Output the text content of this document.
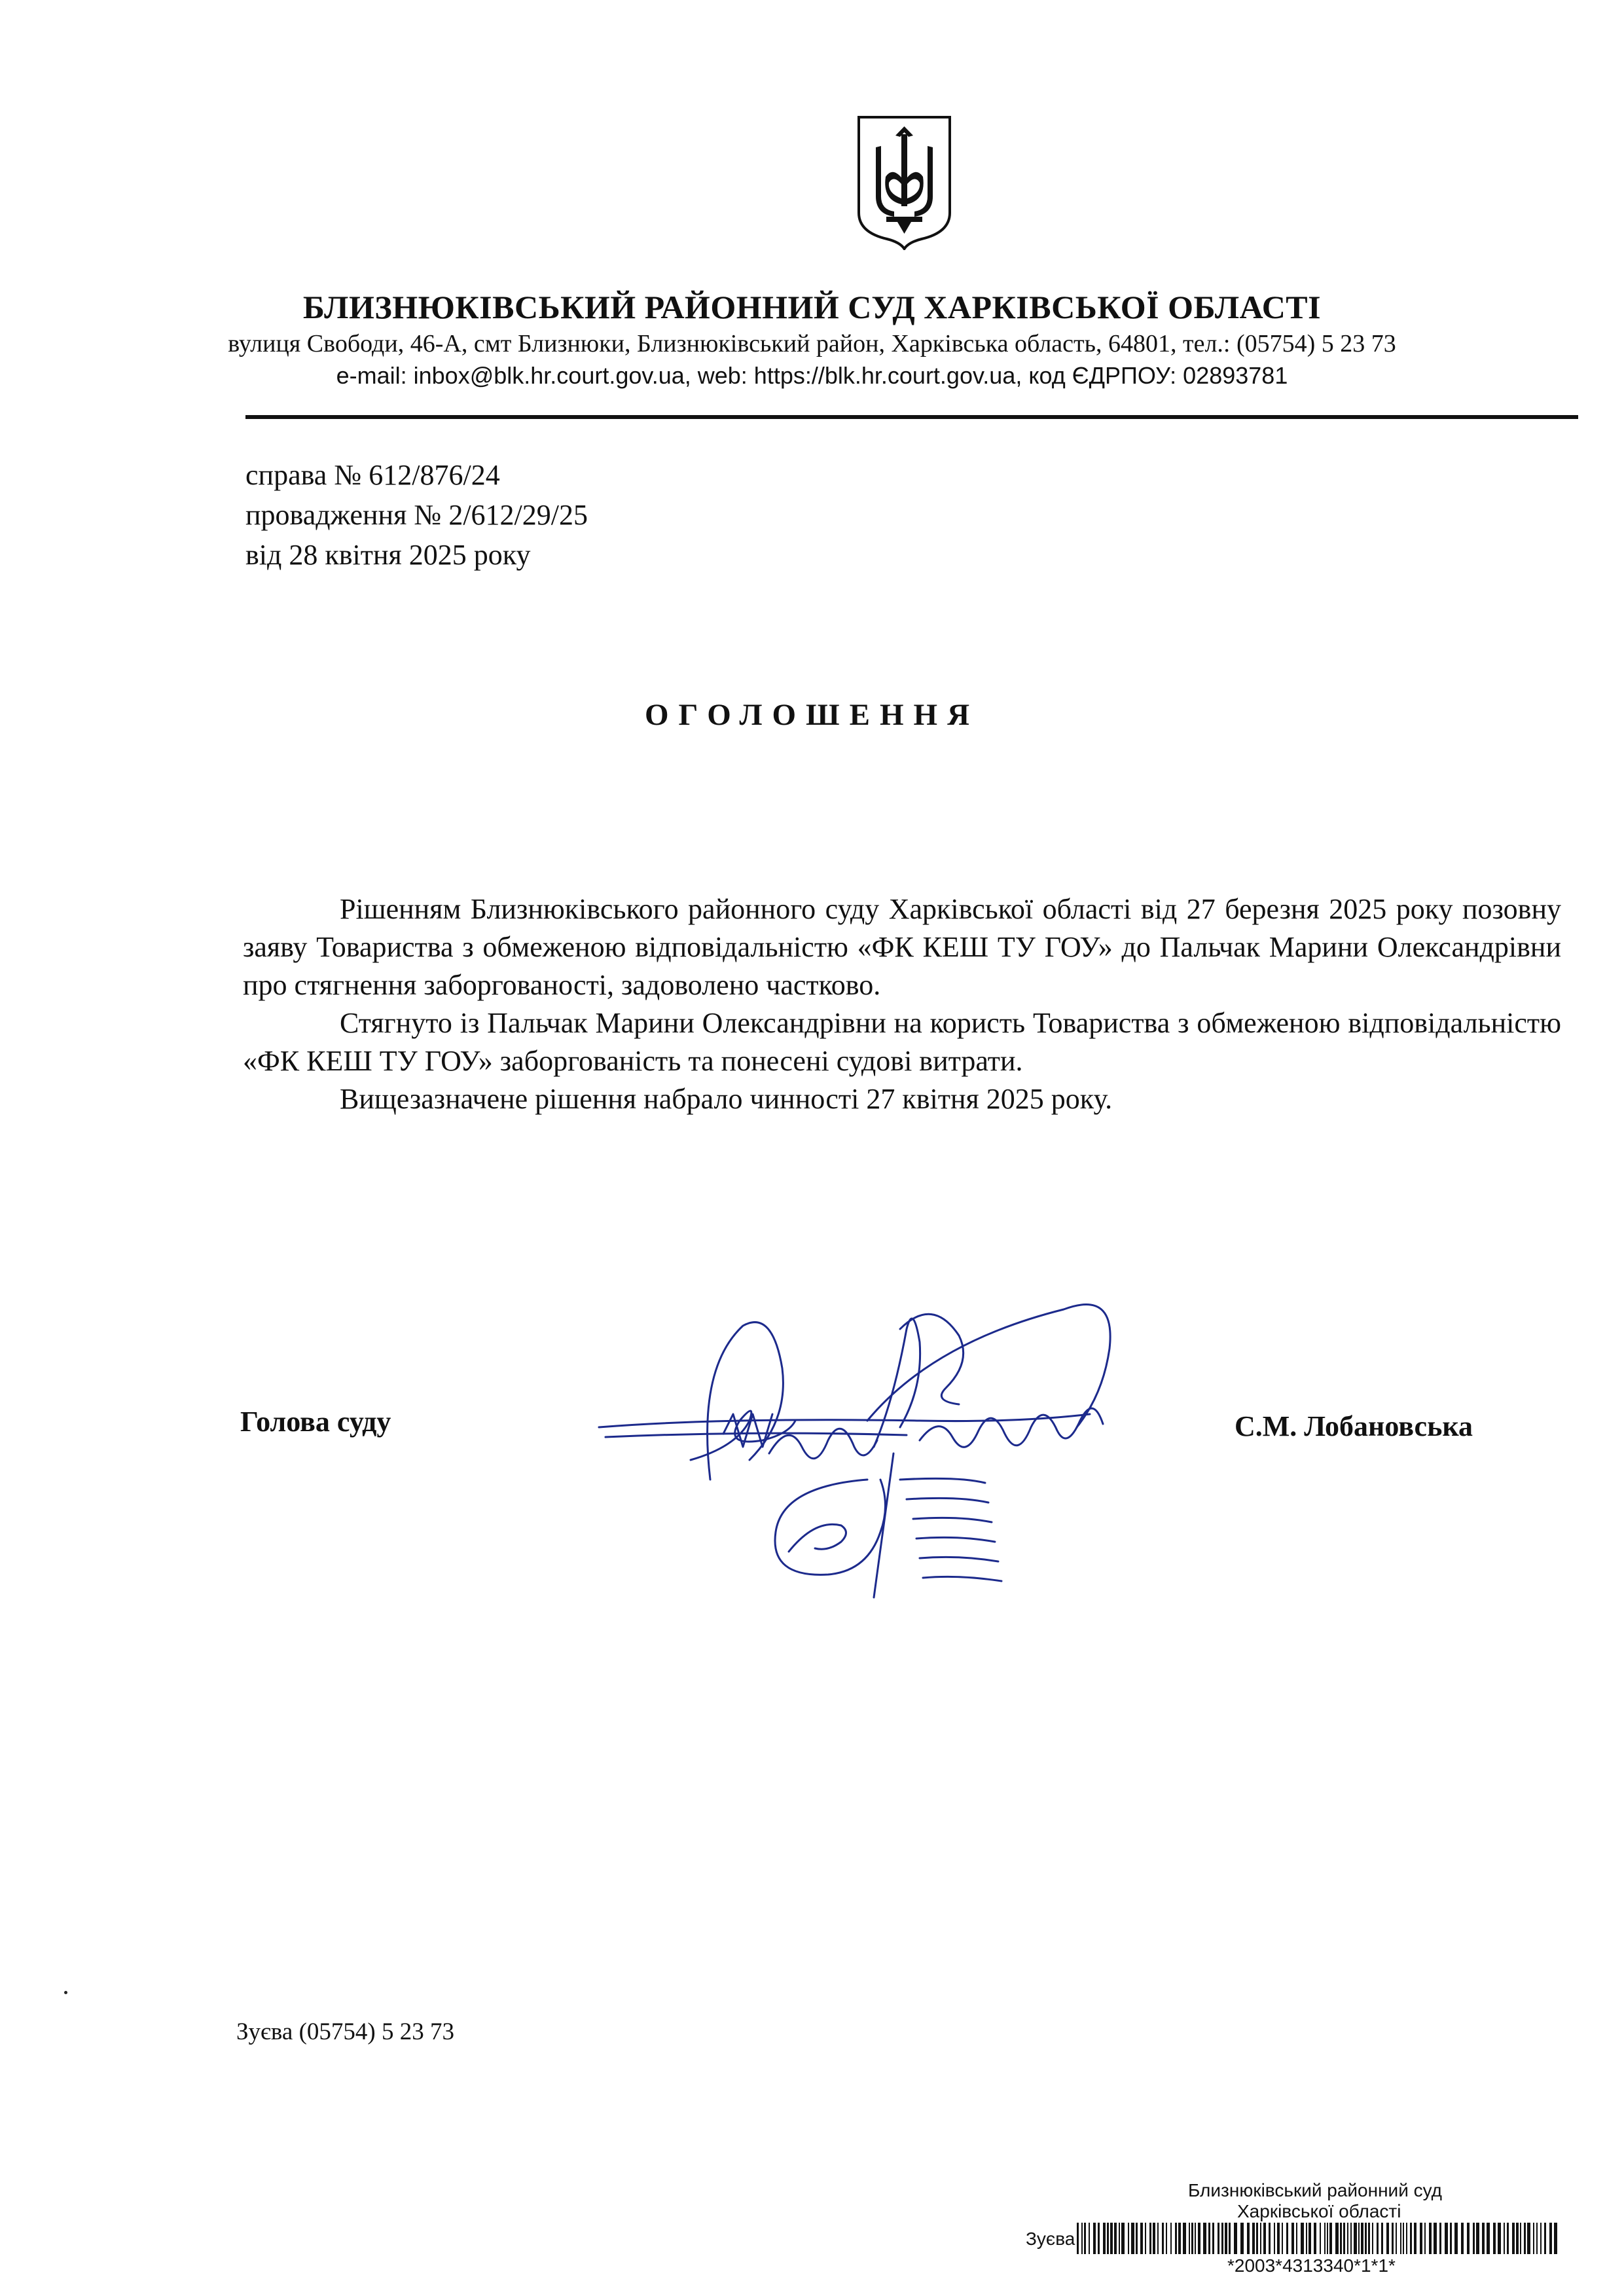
БЛИЗНЮКІВСЬКИЙ РАЙОННИЙ СУД ХАРКІВСЬКОЇ ОБЛАСТІ
вулиця Свободи, 46-А, смт Близнюки, Близнюківський район, Харківська область, 64801, тел.: (05754) 5 23 73
e-mail: inbox@blk.hr.court.gov.ua, web: https://blk.hr.court.gov.ua, код ЄДРПОУ: 02893781
справа № 612/876/24
провадження № 2/612/29/25
від 28 квітня 2025 року
ОГОЛОШЕННЯ

Рішенням Близнюківського районного суду Харківської області від 27 березня 2025 року позовну заяву Товариства з обмеженою відповідальністю «ФК КЕШ ТУ ГОУ» до Пальчак Марини Олександрівни про стягнення заборгованості, задоволено частково.

Стягнуто із Пальчак Марини Олександрівни на користь Товариства з обмеженою відповідальністю «ФК КЕШ ТУ ГОУ» заборгованість та понесені судові витрати.

Вищезазначене рішення набрало чинності 27 квітня 2025 року.

Голова суду	С.М. Лобановська
Зуєва (05754) 5 23 73
Близнюківський районний суд
Харківської області
Зуєва
*2003*4313340*1*1*
